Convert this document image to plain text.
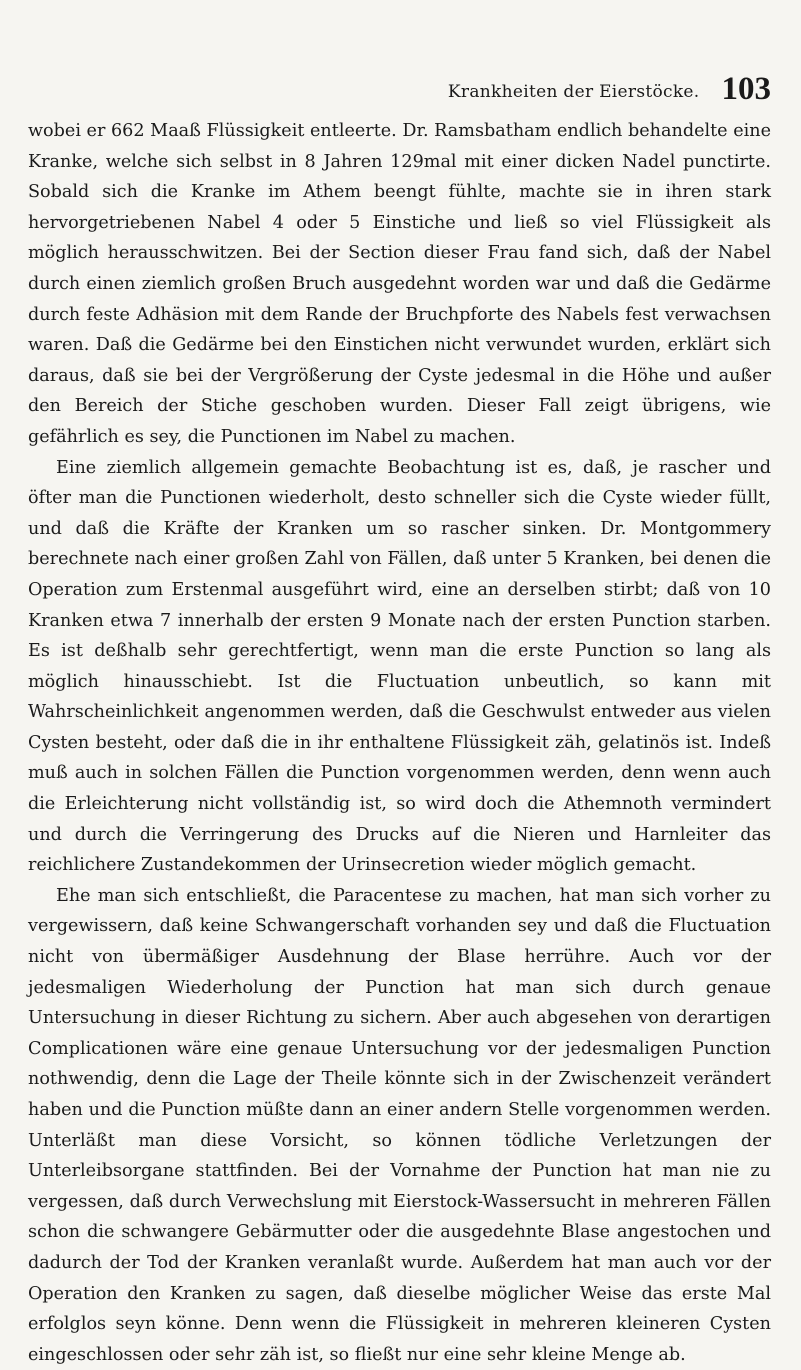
Krankheiten der Eierstöcke. 103

wobei er 662 Maaß Flüssigkeit entleerte. Dr. Ramsbatham endlich behandelte eine Kranke, welche sich selbst in 8 Jahren 129mal mit einer dicken Nadel punctirte. Sobald sich die Kranke im Athem beengt fühlte, machte sie in ihren stark hervorgetriebenen Nabel 4 oder 5 Einstiche und ließ so viel Flüssigkeit als möglich herausschwitzen. Bei der Section dieser Frau fand sich, daß der Nabel durch einen ziemlich großen Bruch ausgedehnt worden war und daß die Gedärme durch feste Adhäsion mit dem Rande der Bruchpforte des Nabels fest verwachsen waren. Daß die Gedärme bei den Einstichen nicht verwundet wurden, erklärt sich daraus, daß sie bei der Vergrößerung der Cyste jedesmal in die Höhe und außer den Bereich der Stiche geschoben wurden. Dieser Fall zeigt übrigens, wie gefährlich es sey, die Punctionen im Nabel zu machen.

Eine ziemlich allgemein gemachte Beobachtung ist es, daß, je rascher und öfter man die Punctionen wiederholt, desto schneller sich die Cyste wieder füllt, und daß die Kräfte der Kranken um so rascher sinken. Dr. Montgommery berechnete nach einer großen Zahl von Fällen, daß unter 5 Kranken, bei denen die Operation zum Erstenmal ausgeführt wird, eine an derselben stirbt; daß von 10 Kranken etwa 7 innerhalb der ersten 9 Monate nach der ersten Punction starben. Es ist deßhalb sehr gerechtfertigt, wenn man die erste Punction so lang als möglich hinausschiebt. Ist die Fluctuation unbeutlich, so kann mit Wahrscheinlichkeit angenommen werden, daß die Geschwulst entweder aus vielen Cysten besteht, oder daß die in ihr enthaltene Flüssigkeit zäh, gelatinös ist. Indeß muß auch in solchen Fällen die Punction vorgenommen werden, denn wenn auch die Erleichterung nicht vollständig ist, so wird doch die Athemnoth vermindert und durch die Verringerung des Drucks auf die Nieren und Harnleiter das reichlichere Zustandekommen der Urinsecretion wieder möglich gemacht.

Ehe man sich entschließt, die Paracentese zu machen, hat man sich vorher zu vergewissern, daß keine Schwangerschaft vorhanden sey und daß die Fluctuation nicht von übermäßiger Ausdehnung der Blase herrühre. Auch vor der jedesmaligen Wiederholung der Punction hat man sich durch genaue Untersuchung in dieser Richtung zu sichern. Aber auch abgesehen von derartigen Complicationen wäre eine genaue Untersuchung vor der jedesmaligen Punction nothwendig, denn die Lage der Theile könnte sich in der Zwischenzeit verändert haben und die Punction müßte dann an einer andern Stelle vorgenommen werden. Unterläßt man diese Vorsicht, so können tödliche Verletzungen der Unterleibsorgane stattfinden. Bei der Vornahme der Punction hat man nie zu vergessen, daß durch Verwechslung mit Eierstock-Wassersucht in mehreren Fällen schon die schwangere Gebärmutter oder die ausgedehnte Blase angestochen und dadurch der Tod der Kranken veranlaßt wurde. Außerdem hat man auch vor der Operation den Kranken zu sagen, daß dieselbe möglicher Weise das erste Mal erfolglos seyn könne. Denn wenn die Flüssigkeit in mehreren kleineren Cysten eingeschlossen oder sehr zäh ist, so fließt nur eine sehr kleine Menge ab.
